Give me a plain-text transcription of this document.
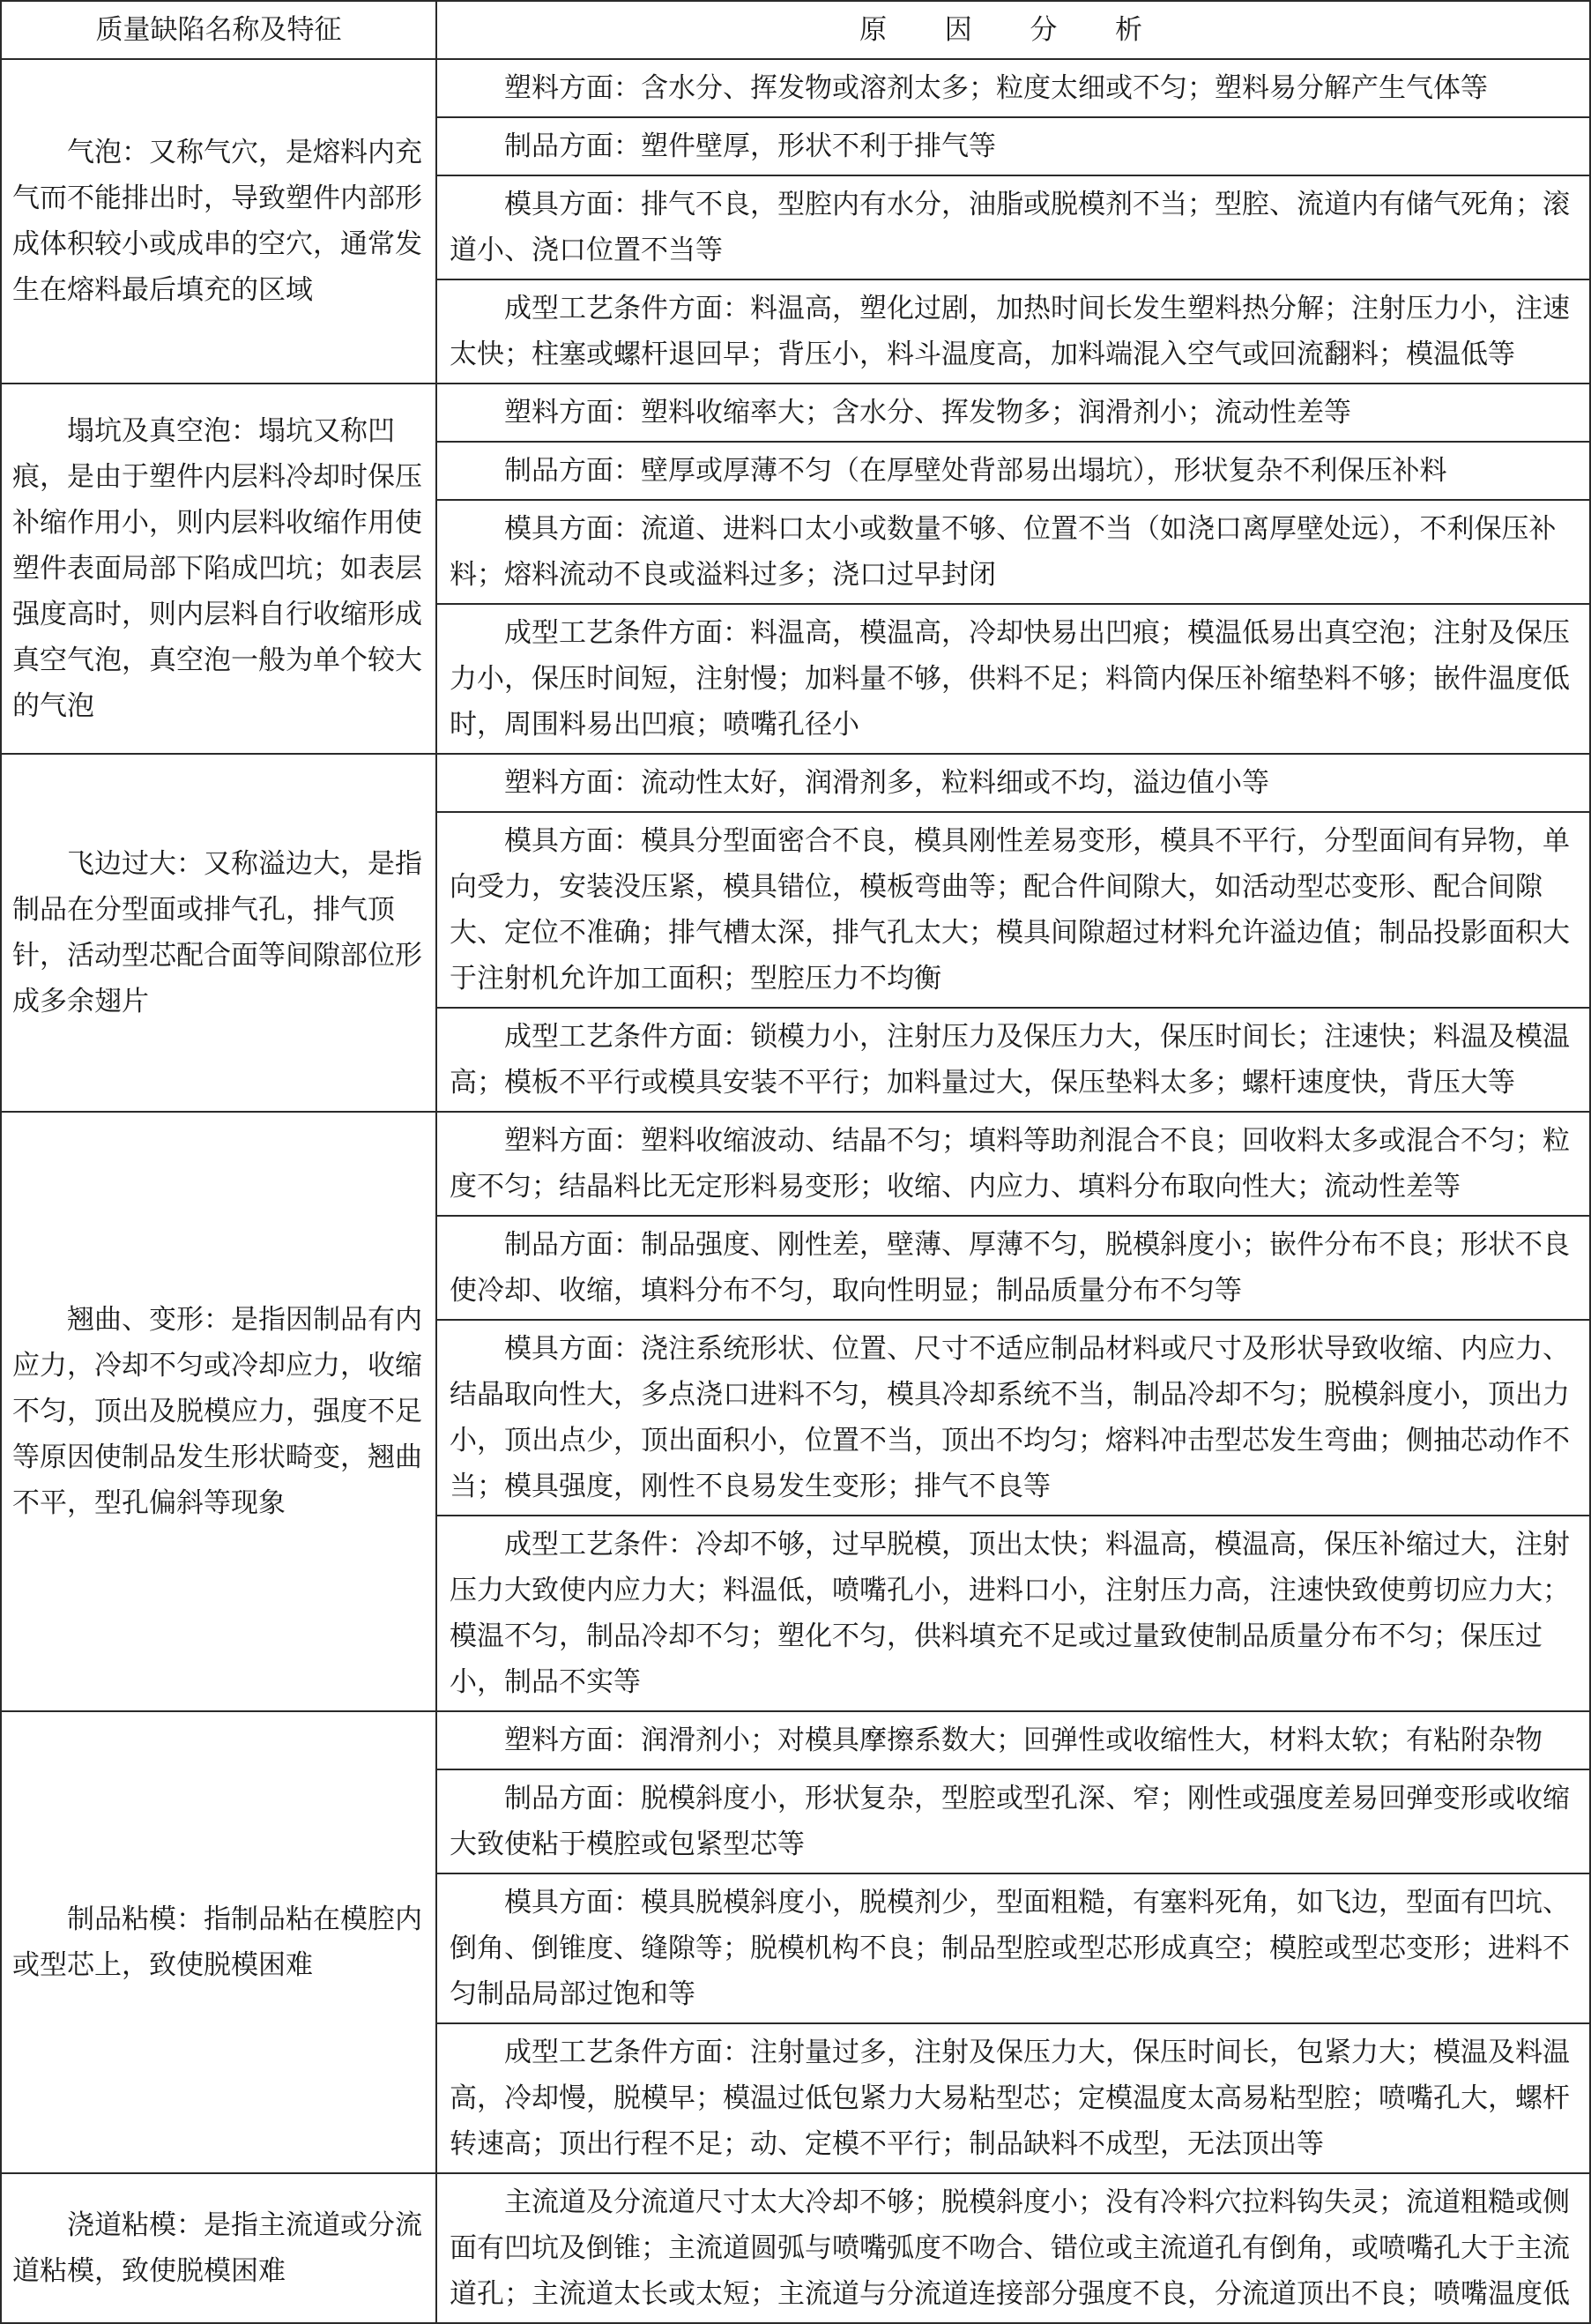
质量缺陷名称及特征	原 因 分 析

气泡：又称气穴，是熔料内充气而不能排出时，导致塑件内部形成体积较小或成串的空穴，通常发生在熔料最后填充的区域	塑料方面：含水分、挥发物或溶剂太多；粒度太细或不匀；塑料易分解产生气体等

	制品方面：塑件壁厚，形状不利于排气等

	模具方面：排气不良，型腔内有水分，油脂或脱模剂不当；型腔、流道内有储气死角；滚道小、浇口位置不当等

	成型工艺条件方面：料温高，塑化过剧，加热时间长发生塑料热分解；注射压力小，注速太快；柱塞或螺杆退回早；背压小，料斗温度高，加料端混入空气或回流翻料；模温低等

塌坑及真空泡：塌坑又称凹痕，是由于塑件内层料冷却时保压补缩作用小，则内层料收缩作用使塑件表面局部下陷成凹坑；如表层强度高时，则内层料自行收缩形成真空气泡，真空泡一般为单个较大的气泡	塑料方面：塑料收缩率大；含水分、挥发物多；润滑剂小；流动性差等

	制品方面：壁厚或厚薄不匀（在厚壁处背部易出塌坑），形状复杂不利保压补料

	模具方面：流道、进料口太小或数量不够、位置不当（如浇口离厚壁处远），不利保压补料；熔料流动不良或溢料过多；浇口过早封闭

	成型工艺条件方面：料温高，模温高，冷却快易出凹痕；模温低易出真空泡；注射及保压力小，保压时间短，注射慢；加料量不够，供料不足；料筒内保压补缩垫料不够；嵌件温度低时，周围料易出凹痕；喷嘴孔径小

飞边过大：又称溢边大，是指制品在分型面或排气孔，排气顶针，活动型芯配合面等间隙部位形成多余翅片	塑料方面：流动性太好，润滑剂多，粒料细或不均，溢边值小等

	模具方面：模具分型面密合不良，模具刚性差易变形，模具不平行，分型面间有异物，单向受力，安装没压紧，模具错位，模板弯曲等；配合件间隙大，如活动型芯变形、配合间隙大、定位不准确；排气槽太深，排气孔太大；模具间隙超过材料允许溢边值；制品投影面积大于注射机允许加工面积；型腔压力不均衡

	成型工艺条件方面：锁模力小，注射压力及保压力大，保压时间长；注速快；料温及模温高；模板不平行或模具安装不平行；加料量过大，保压垫料太多；螺杆速度快，背压大等

翘曲、变形：是指因制品有内应力，冷却不匀或冷却应力，收缩不匀，顶出及脱模应力，强度不足等原因使制品发生形状畸变，翘曲不平，型孔偏斜等现象	塑料方面：塑料收缩波动、结晶不匀；填料等助剂混合不良；回收料太多或混合不匀；粒度不匀；结晶料比无定形料易变形；收缩、内应力、填料分布取向性大；流动性差等

	制品方面：制品强度、刚性差，壁薄、厚薄不匀，脱模斜度小；嵌件分布不良；形状不良使冷却、收缩，填料分布不匀，取向性明显；制品质量分布不匀等

	模具方面：浇注系统形状、位置、尺寸不适应制品材料或尺寸及形状导致收缩、内应力、结晶取向性大，多点浇口进料不匀，模具冷却系统不当，制品冷却不匀；脱模斜度小，顶出力小，顶出点少，顶出面积小，位置不当，顶出不均匀；熔料冲击型芯发生弯曲；侧抽芯动作不当；模具强度，刚性不良易发生变形；排气不良等

	成型工艺条件：冷却不够，过早脱模，顶出太快；料温高，模温高，保压补缩过大，注射压力大致使内应力大；料温低，喷嘴孔小，进料口小，注射压力高，注速快致使剪切应力大；模温不匀，制品冷却不匀；塑化不匀，供料填充不足或过量致使制品质量分布不匀；保压过小，制品不实等

制品粘模：指制品粘在模腔内或型芯上，致使脱模困难	塑料方面：润滑剂小；对模具摩擦系数大；回弹性或收缩性大，材料太软；有粘附杂物

	制品方面：脱模斜度小，形状复杂，型腔或型孔深、窄；刚性或强度差易回弹变形或收缩大致使粘于模腔或包紧型芯等

	模具方面：模具脱模斜度小，脱模剂少，型面粗糙，有塞料死角，如飞边，型面有凹坑、倒角、倒锥度、缝隙等；脱模机构不良；制品型腔或型芯形成真空；模腔或型芯变形；进料不匀制品局部过饱和等

	成型工艺条件方面：注射量过多，注射及保压力大，保压时间长，包紧力大；模温及料温高，冷却慢，脱模早；模温过低包紧力大易粘型芯；定模温度太高易粘型腔；喷嘴孔大，螺杆转速高；顶出行程不足；动、定模不平行；制品缺料不成型，无法顶出等

浇道粘模：是指主流道或分流道粘模，致使脱模困难	主流道及分流道尺寸太大冷却不够；脱模斜度小；没有冷料穴拉料钩失灵；流道粗糙或侧面有凹坑及倒锥；主流道圆弧与喷嘴弧度不吻合、错位或主流道孔有倒角，或喷嘴孔大于主流道孔；主流道太长或太短；主流道与分流道连接部分强度不良，分流道顶出不良；喷嘴温度低
